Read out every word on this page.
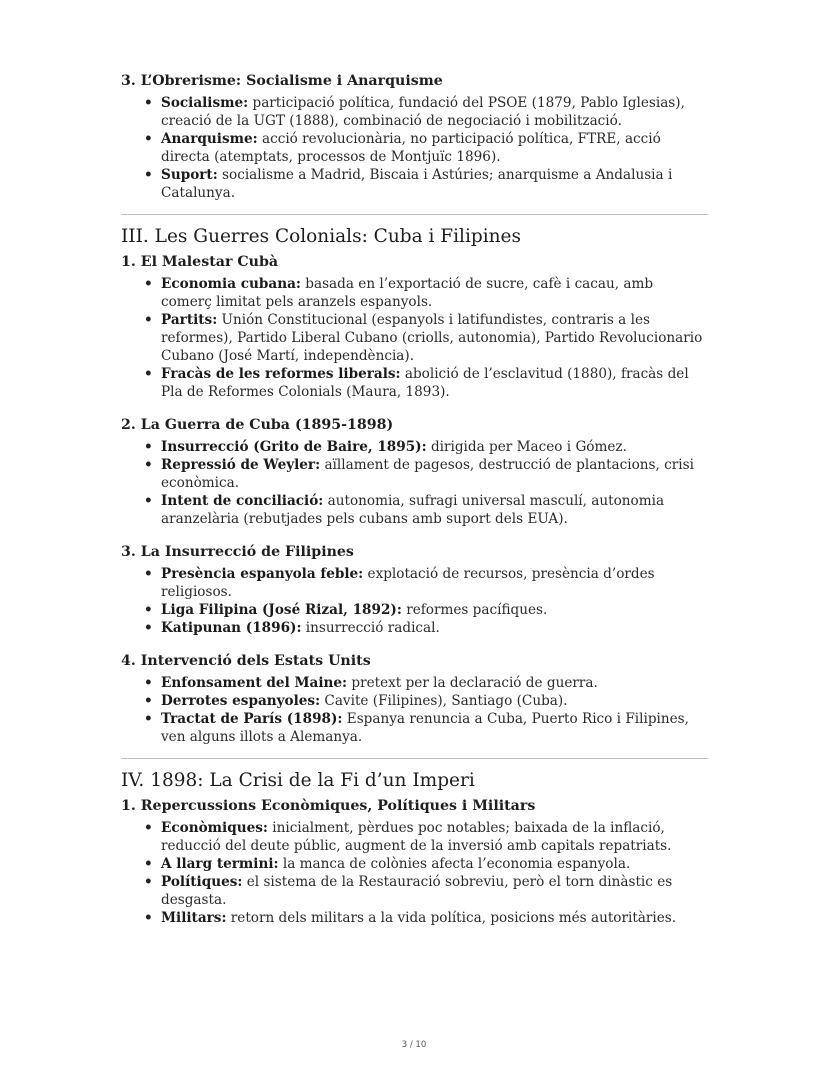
3. L’Obrerisme: Socialisme i Anarquisme
• Socialisme: participació política, fundació del PSOE (1879, Pablo Iglesias), creació de la UGT (1888), combinació de negociació i mobilització.
• Anarquisme: acció revolucionària, no participació política, FTRE, acció directa (atemptats, processos de Montjuïc 1896).
• Suport: socialisme a Madrid, Biscaia i Astúries; anarquisme a Andalusia i Catalunya.
III. Les Guerres Colonials: Cuba i Filipines
1. El Malestar Cubà
• Economia cubana: basada en l’exportació de sucre, cafè i cacau, amb comerç limitat pels aranzels espanyols.
• Partits: Unión Constitucional (espanyols i latifundistes, contraris a les reformes), Partido Liberal Cubano (criolls, autonomia), Partido Revolucionario Cubano (José Martí, independència).
• Fracàs de les reformes liberals: abolició de l’esclavitud (1880), fracàs del Pla de Reformes Colonials (Maura, 1893).
2. La Guerra de Cuba (1895-1898)
• Insurrecció (Grito de Baire, 1895): dirigida per Maceo i Gómez.
• Repressió de Weyler: aïllament de pagesos, destrucció de plantacions, crisi econòmica.
• Intent de conciliació: autonomia, sufragi universal masculí, autonomia aranzelària (rebutjades pels cubans amb suport dels EUA).
3. La Insurrecció de Filipines
• Presència espanyola feble: explotació de recursos, presència d’ordes religiosos.
• Liga Filipina (José Rizal, 1892): reformes pacífiques.
• Katipunan (1896): insurrecció radical.
4. Intervenció dels Estats Units
• Enfonsament del Maine: pretext per la declaració de guerra.
• Derrotes espanyoles: Cavite (Filipines), Santiago (Cuba).
• Tractat de París (1898): Espanya renuncia a Cuba, Puerto Rico i Filipines, ven alguns illots a Alemanya.
IV. 1898: La Crisi de la Fi d’un Imperi
1. Repercussions Econòmiques, Polítiques i Militars
• Econòmiques: inicialment, pèrdues poc notables; baixada de la inflació, reducció del deute públic, augment de la inversió amb capitals repatriats.
• A llarg termini: la manca de colònies afecta l’economia espanyola.
• Polítiques: el sistema de la Restauració sobreviu, però el torn dinàstic es desgasta.
• Militars: retorn dels militars a la vida política, posicions més autoritàries.
3 / 10
